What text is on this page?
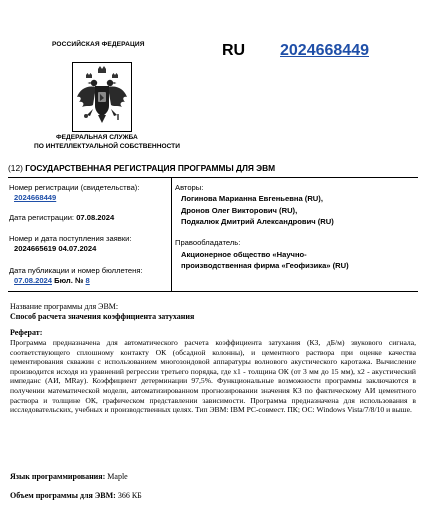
РОССИЙСКАЯ ФЕДЕРАЦИЯ
ФЕДЕРАЛЬНАЯ СЛУЖБА
ПО ИНТЕЛЛЕКТУАЛЬНОЙ СОБСТВЕННОСТИ
RU 2024668449
(12) ГОСУДАРСТВЕННАЯ РЕГИСТРАЦИЯ ПРОГРАММЫ ДЛЯ ЭВМ
Номер регистрации (свидетельства):
2024668449
Дата регистрации: 07.08.2024
Номер и дата поступления заявки:
2024665619 04.07.2024
Дата публикации и номер бюллетеня:
07.08.2024 Бюл. № 8
Авторы:
Логинова Марианна Евгеньевна (RU),
Дронов Олег Викторович (RU),
Подкалюк Дмитрий Александрович (RU)
Правообладатель:
Акционерное общество «Научно-
производственная фирма «Геофизика» (RU)
Название программы для ЭВМ:
Способ расчета значения коэффициента затухания
Реферат:
Программа предназначена для автоматического расчета коэффициента затухания (КЗ, дБ/м) звукового сигнала, соответствующего сплошному контакту ОК (обсадной колонны), и цементного раствора при оценке качества цементирования скважин с использованием многозондовой аппаратуры волнового акустического каротажа. Вычисление производится исходя из уравнений регрессии третьего порядка, где x1 - толщина ОК (от 3 мм до 15 мм), x2 - акустический импеданс (АИ, MRay). Коэффициент детерминации 97,5%. Функциональные возможности программы заключаются в получении математической модели, автоматизированном прогнозировании значения КЗ по фактическому АИ цементного раствора и толщине ОК, графическом представлении зависимости. Программа предназначена для использования в исследовательских, учебных и производственных целях. Тип ЭВМ: IBM PC-совмест. ПК; ОС: Windows Vista/7/8/10 и выше.
Язык программирования: Maple
Объем программы для ЭВМ: 366 КБ
